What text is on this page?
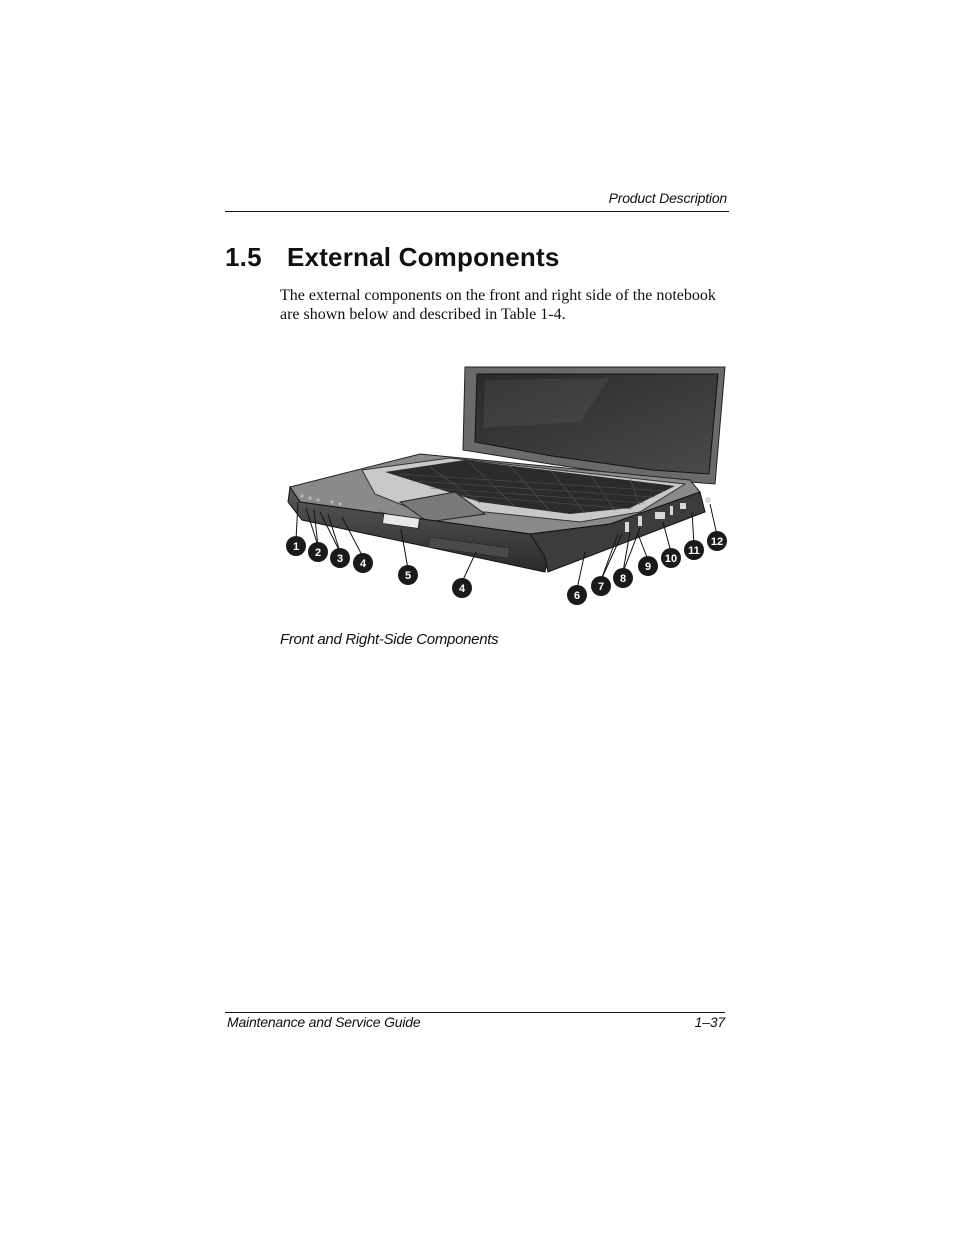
Product Description
1.5 External Components

The external components on the front and right side of the notebook are shown below and described in Table 1-4.

1 2 3 4
5
4
6
7
8
9
10
11
12

Front and Right-Side Components

Maintenance and Service Guide	1–37
